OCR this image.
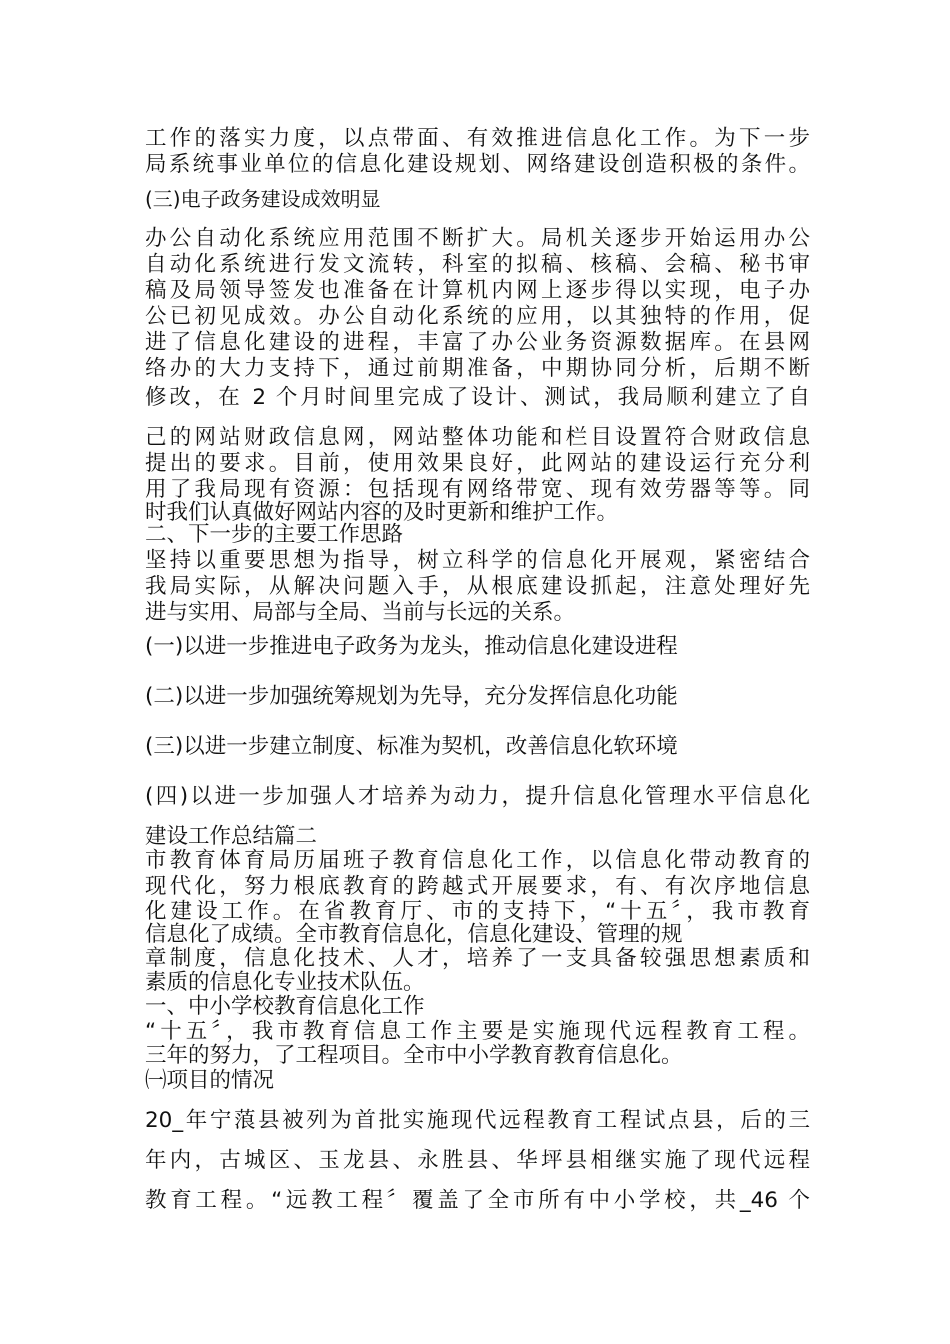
工作的落实力度，以点带面、有效推进信息化工作。为下一步
局系统事业单位的信息化建设规划、网络建设创造积极的条件。
(三)电子政务建设成效明显
办公自动化系统应用范围不断扩大。局机关逐步开始运用办公
自动化系统进行发文流转，科室的拟稿、核稿、会稿、秘书审
稿及局领导签发也准备在计算机内网上逐步得以实现，电子办
公已初见成效。办公自动化系统的应用，以其独特的作用，促
进了信息化建设的进程，丰富了办公业务资源数据库。在县网
络办的大力支持下，通过前期准备，中期协同分析，后期不断
修改，在 2 个月时间里完成了设计、测试，我局顺利建立了自
己的网站财政信息网，网站整体功能和栏目设置符合财政信息
提出的要求。目前，使用效果良好，此网站的建设运行充分利
用了我局现有资源：包括现有网络带宽、现有效劳器等等。同
时我们认真做好网站内容的及时更新和维护工作。
二、下一步的主要工作思路
坚持以重要思想为指导，树立科学的信息化开展观，紧密结合
我局实际，从解决问题入手，从根底建设抓起，注意处理好先
进与实用、局部与全局、当前与长远的关系。
(一)以进一步推进电子政务为龙头，推动信息化建设进程
(二)以进一步加强统筹规划为先导，充分发挥信息化功能
(三)以进一步建立制度、标准为契机，改善信息化软环境
(四)以进一步加强人才培养为动力，提升信息化管理水平信息化
建设工作总结篇二
市教育体育局历届班子教育信息化工作，以信息化带动教育的
现代化，努力根底教育的跨越式开展要求，有、有次序地信息
化建设工作。在省教育厅、市的支持下，“十五〞，我市教育
信息化了成绩。全市教育信息化，信息化建设、管理的规
章制度，信息化技术、人才，培养了一支具备较强思想素质和
素质的信息化专业技术队伍。
一、中小学校教育信息化工作
“十五〞，我市教育信息工作主要是实施现代远程教育工程。
三年的努力，了工程项目。全市中小学教育教育信息化。
㈠项目的情况
20_年宁蒗县被列为首批实施现代远程教育工程试点县，后的三
年内，古城区、玉龙县、永胜县、华坪县相继实施了现代远程
教育工程。“远教工程〞覆盖了全市所有中小学校，共_46 个
